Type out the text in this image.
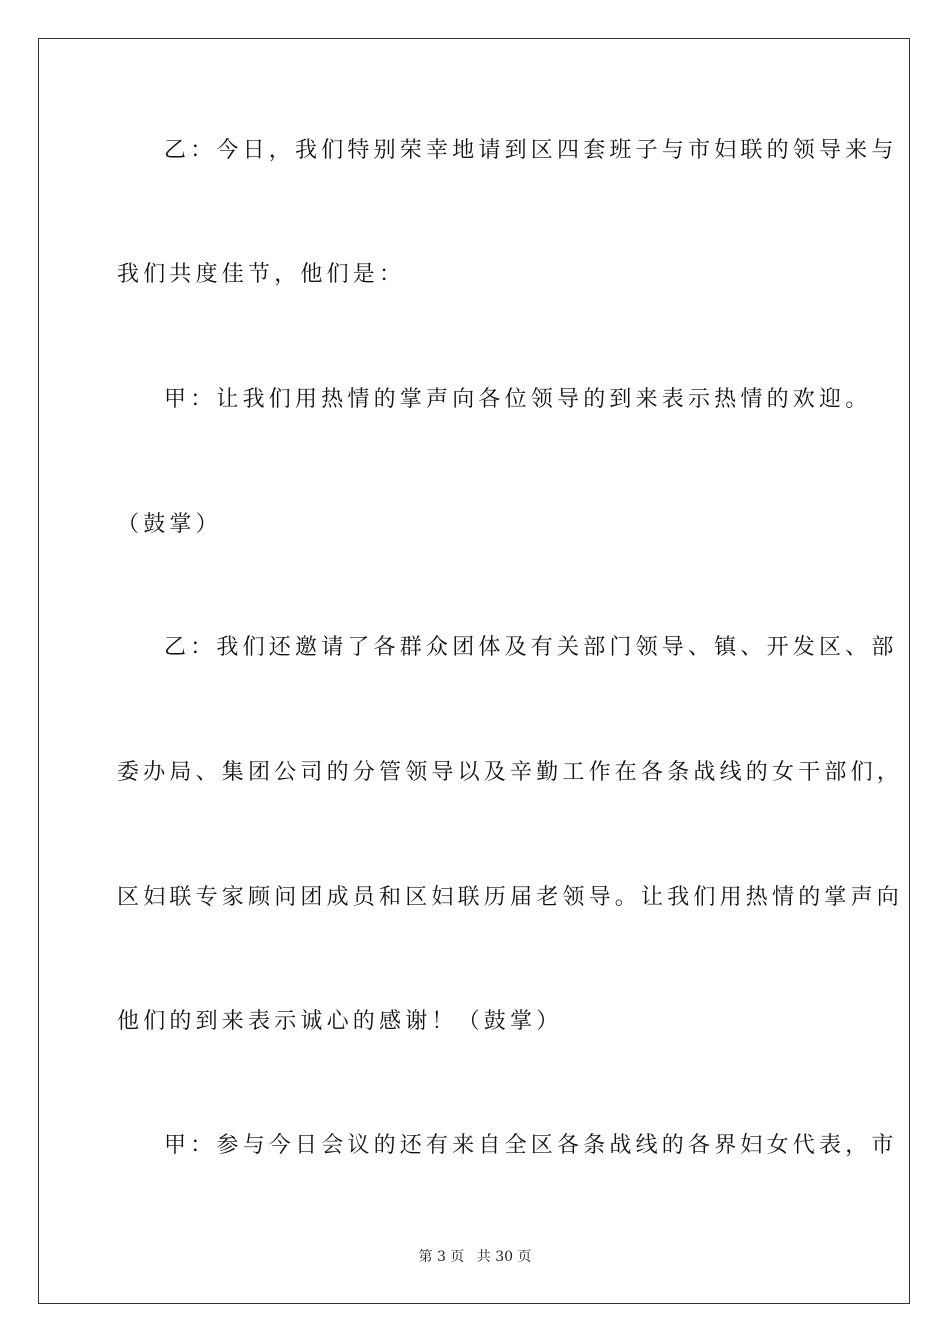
乙：今日，我们特别荣幸地请到区四套班子与市妇联的领导来与
我们共度佳节，他们是：
甲：让我们用热情的掌声向各位领导的到来表示热情的欢迎。
（鼓掌）
乙：我们还邀请了各群众团体及有关部门领导、镇、开发区、部
委办局、集团公司的分管领导以及辛勤工作在各条战线的女干部们，
区妇联专家顾问团成员和区妇联历届老领导。让我们用热情的掌声向
他们的到来表示诚心的感谢！（鼓掌）
甲：参与今日会议的还有来自全区各条战线的各界妇女代表，市
第 3 页 共 30 页
